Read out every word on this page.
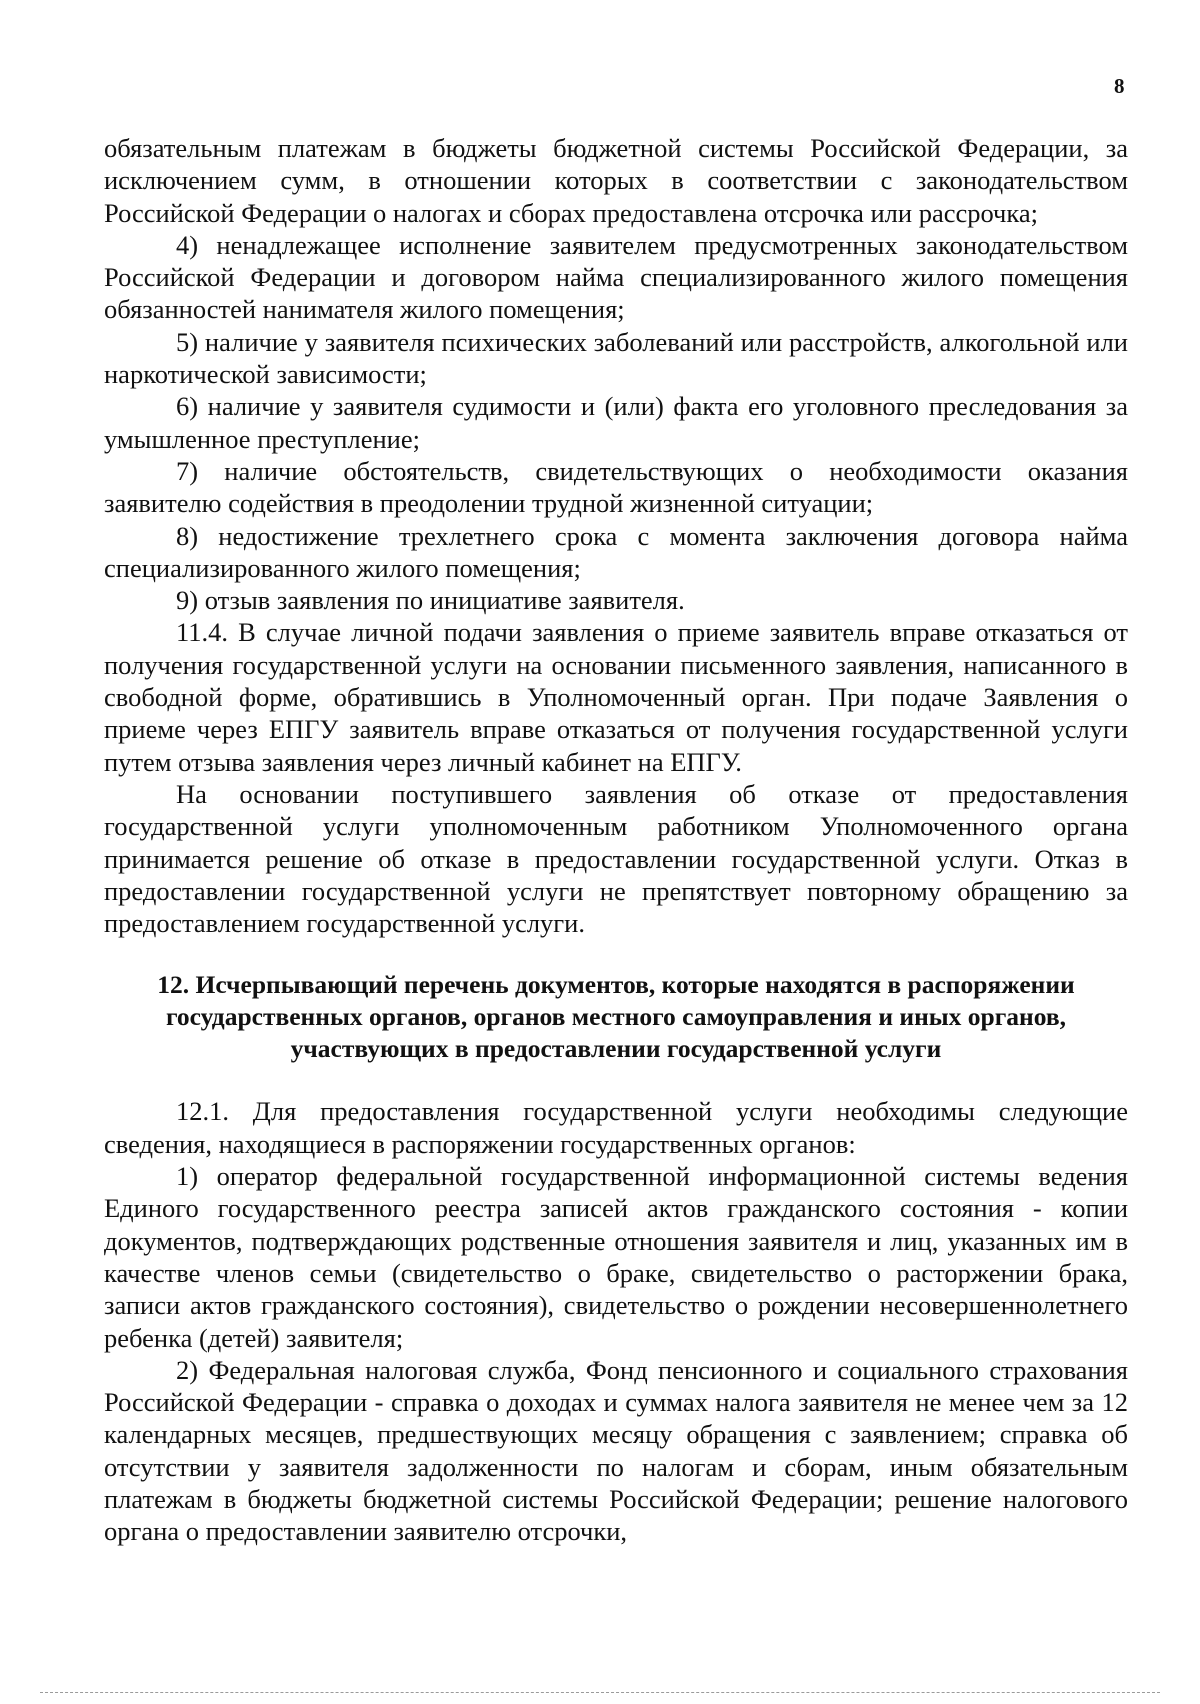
8

обязательным платежам в бюджеты бюджетной системы Российской Федерации, за исключением сумм, в отношении которых в соответствии с законодательством Российской Федерации о налогах и сборах предоставлена отсрочка или рассрочка;

4) ненадлежащее исполнение заявителем предусмотренных законодательством Российской Федерации и договором найма специализированного жилого помещения обязанностей нанимателя жилого помещения;

5) наличие у заявителя психических заболеваний или расстройств, алкогольной или наркотической зависимости;

6) наличие у заявителя судимости и (или) факта его уголовного преследования за умышленное преступление;

7) наличие обстоятельств, свидетельствующих о необходимости оказания заявителю содействия в преодолении трудной жизненной ситуации;

8) недостижение трехлетнего срока с момента заключения договора найма специализированного жилого помещения;

9) отзыв заявления по инициативе заявителя.

11.4. В случае личной подачи заявления о приеме заявитель вправе отказаться от получения государственной услуги на основании письменного заявления, написанного в свободной форме, обратившись в Уполномоченный орган. При подаче Заявления о приеме через ЕПГУ заявитель вправе отказаться от получения государственной услуги путем отзыва заявления через личный кабинет на ЕПГУ.

На основании поступившего заявления об отказе от предоставления государственной услуги уполномоченным работником Уполномоченного органа принимается решение об отказе в предоставлении государственной услуги. Отказ в предоставлении государственной услуги не препятствует повторному обращению за предоставлением государственной услуги.

12. Исчерпывающий перечень документов, которые находятся в распоряжении государственных органов, органов местного самоуправления и иных органов, участвующих в предоставлении государственной услуги

12.1. Для предоставления государственной услуги необходимы следующие сведения, находящиеся в распоряжении государственных органов:

1) оператор федеральной государственной информационной системы ведения Единого государственного реестра записей актов гражданского состояния - копии документов, подтверждающих родственные отношения заявителя и лиц, указанных им в качестве членов семьи (свидетельство о браке, свидетельство о расторжении брака, записи актов гражданского состояния), свидетельство о рождении несовершеннолетнего ребенка (детей) заявителя;

2) Федеральная налоговая служба, Фонд пенсионного и социального страхования Российской Федерации - справка о доходах и суммах налога заявителя не менее чем за 12 календарных месяцев, предшествующих месяцу обращения с заявлением; справка об отсутствии у заявителя задолженности по налогам и сборам, иным обязательным платежам в бюджеты бюджетной системы Российской Федерации; решение налогового органа о предоставлении заявителю отсрочки,
